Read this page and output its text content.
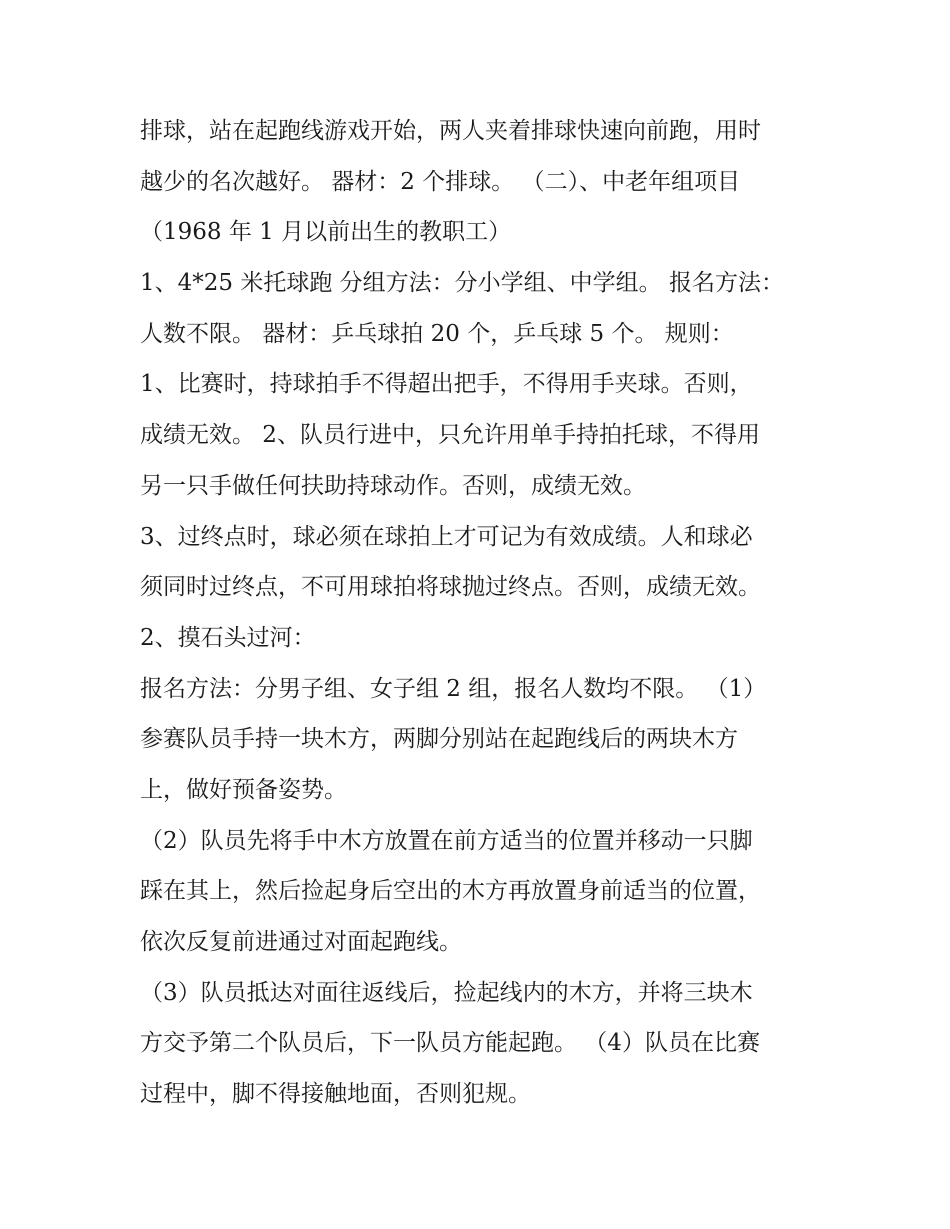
排球，站在起跑线游戏开始，两人夹着排球快速向前跑，用时
越少的名次越好。 器材：2 个排球。 （二）、中老年组项目
（1968 年 1 月以前出生的教职工）
1、4*25 米托球跑 分组方法：分小学组、中学组。 报名方法：
人数不限。 器材：乒乓球拍 20 个，乒乓球 5 个。 规则：
1、比赛时，持球拍手不得超出把手，不得用手夹球。否则，
成绩无效。 2、队员行进中，只允许用单手持拍托球，不得用
另一只手做任何扶助持球动作。否则，成绩无效。
3、过终点时，球必须在球拍上才可记为有效成绩。人和球必
须同时过终点，不可用球拍将球抛过终点。否则，成绩无效。
2、摸石头过河：
报名方法：分男子组、女子组 2 组，报名人数均不限。 （1）
参赛队员手持一块木方，两脚分别站在起跑线后的两块木方
上，做好预备姿势。
（2）队员先将手中木方放置在前方适当的位置并移动一只脚
踩在其上，然后捡起身后空出的木方再放置身前适当的位置，
依次反复前进通过对面起跑线。
（3）队员抵达对面往返线后，捡起线内的木方，并将三块木
方交予第二个队员后，下一队员方能起跑。 （4）队员在比赛
过程中，脚不得接触地面，否则犯规。
